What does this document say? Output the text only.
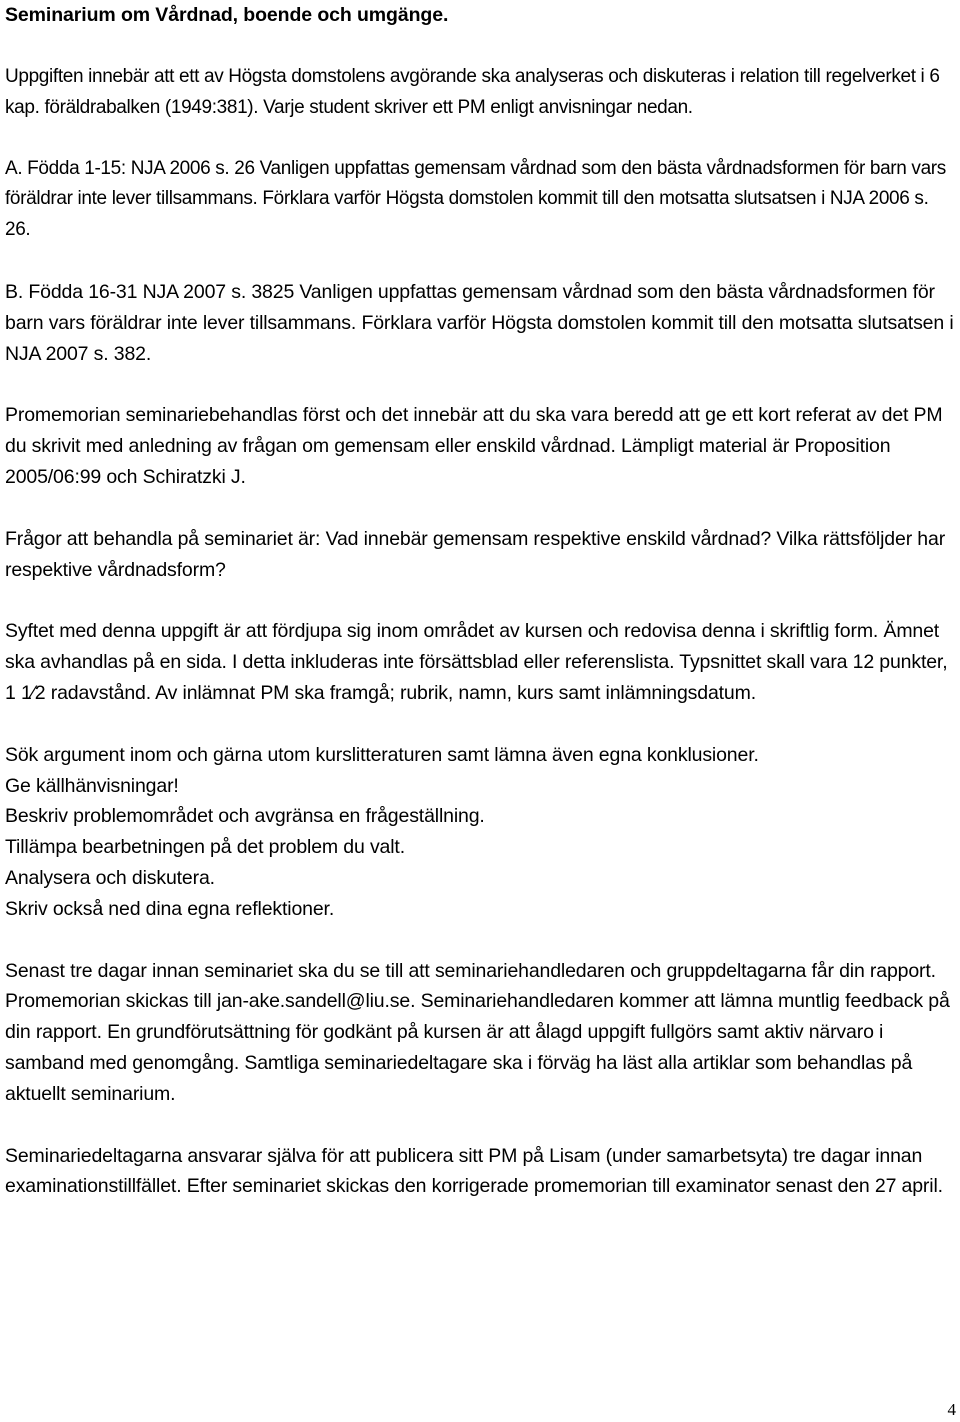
Seminarium om Vårdnad, boende och umgänge.

Uppgiften innebär att ett av Högsta domstolens avgörande ska analyseras och diskuteras i relation till regelverket i 6 kap. föräldrabalken (1949:381). Varje student skriver ett PM enligt anvisningar nedan.

A. Födda 1-15: NJA 2006 s. 26 Vanligen uppfattas gemensam vårdnad som den bästa vårdnadsformen för barn vars föräldrar inte lever tillsammans. Förklara varför Högsta domstolen kommit till den motsatta slutsatsen i NJA 2006 s. 26.

B. Födda 16-31 NJA 2007 s. 3825 Vanligen uppfattas gemensam vårdnad som den bästa vårdnadsformen för barn vars föräldrar inte lever tillsammans. Förklara varför Högsta domstolen kommit till den motsatta slutsatsen i NJA 2007 s. 382.

Promemorian seminariebehandlas först och det innebär att du ska vara beredd att ge ett kort referat av det PM du skrivit med anledning av frågan om gemensam eller enskild vårdnad. Lämpligt material är Proposition 2005/06:99 och Schiratzki J.

Frågor att behandla på seminariet är: Vad innebär gemensam respektive enskild vårdnad? Vilka rättsföljder har respektive vårdnadsform?

Syftet med denna uppgift är att fördjupa sig inom området av kursen och redovisa denna i skriftlig form. Ämnet ska avhandlas på en sida. I detta inkluderas inte försättsblad eller referenslista. Typsnittet skall vara 12 punkter, 1 1⁄2 radavstånd. Av inlämnat PM ska framgå; rubrik, namn, kurs samt inlämningsdatum.

Sök argument inom och gärna utom kurslitteraturen samt lämna även egna konklusioner.

Ge källhänvisningar!

Beskriv problemområdet och avgränsa en frågeställning.

Tillämpa bearbetningen på det problem du valt.

Analysera och diskutera.

Skriv också ned dina egna reflektioner.

Senast tre dagar innan seminariet ska du se till att seminariehandledaren och gruppdeltagarna får din rapport. Promemorian skickas till jan-ake.sandell@liu.se. Seminariehandledaren kommer att lämna muntlig feedback på din rapport. En grundförutsättning för godkänt på kursen är att ålagd uppgift fullgörs samt aktiv närvaro i samband med genomgång. Samtliga seminariedeltagare ska i förväg ha läst alla artiklar som behandlas på aktuellt seminarium.

Seminariedeltagarna ansvarar själva för att publicera sitt PM på Lisam (under samarbetsyta) tre dagar innan examinationstillfället. Efter seminariet skickas den korrigerade promemorian till examinator senast den 27 april.

4
